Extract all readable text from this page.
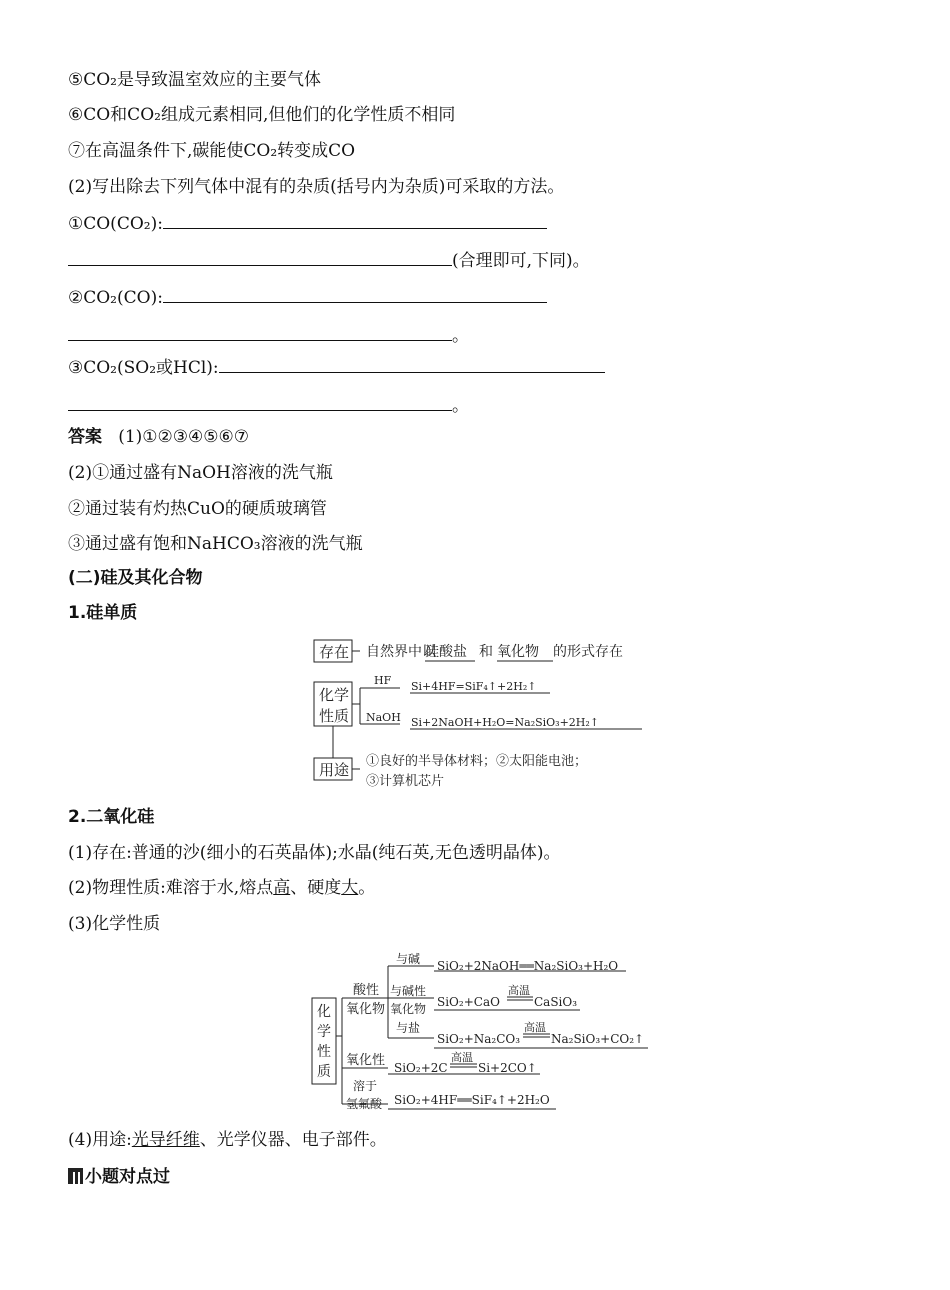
⑤CO₂是导致温室效应的主要气体
⑥CO和CO₂组成元素相同,但他们的化学性质不相同
⑦在高温条件下,碳能使CO₂转变成CO
(2)写出除去下列气体中混有的杂质(括号内为杂质)可采取的方法。
①CO(CO₂):
(合理即可,下同)。
②CO₂(CO):
。
③CO₂(SO₂或HCl):
。
答案 (1)①②③④⑤⑥⑦
(2)①通过盛有NaOH溶液的洗气瓶
②通过装有灼热CuO的硬质玻璃管
③通过盛有饱和NaHCO₃溶液的洗气瓶
(二)硅及其化合物
1.硅单质
存在 自然界中以
硅酸盐 和 氧化物 的形式存在
化学
性质
HF Si+4HF=SiF₄↑+2H₂↑
NaOH Si+2NaOH+H₂O=Na₂SiO₃+2H₂↑
用途 ①良好的半导体材料；②太阳能电池；
③计算机芯片
2.二氧化硅
(1)存在:普通的沙(细小的石英晶体);水晶(纯石英,无色透明晶体)。
(2)物理性质:难溶于水,熔点高、硬度大。
(3)化学性质
化
学
性
质
酸性
氧化物
与碱 SiO₂+2NaOH══Na₂SiO₃+H₂O
与碱性
氧化物 SiO₂+CaO
高温
CaSiO₃
与盐
SiO₂+Na₂CO₃
高温
Na₂SiO₃+CO₂↑
氧化性 SiO₂+2C
高温
Si+2CO↑
溶于
氢氟酸 SiO₂+4HF══SiF₄↑+2H₂O
(4)用途:光导纤维、光学仪器、电子部件。
小题对点过
